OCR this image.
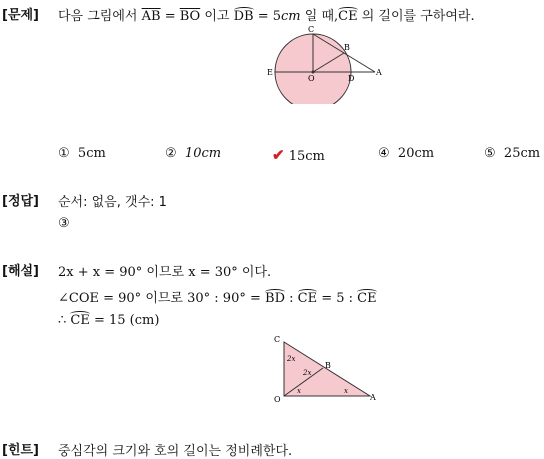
[문제] 다음 그림에서 $\overline{AB} = \overline{BO}$ 이고 DB = 5cm 일 때,CE 의 길이를 구하여라.
C
B
E
O	D
A
① 5cm	② 10cm	✔ 15cm	④ 20cm	⑤ 25cm
[정답] 순서: 없음, 갯수: 1
③
[해설] 2x + x = 90° 이므로 x = 30° 이다.
∠COE = 90° 이므로 30° : 90° = BD : CE = 5 : CE
∴ CE = 15 (cm)
C
B
O	A
2x
2x
x	x
[힌트] 중심각의 크기와 호의 길이는 정비례한다.
